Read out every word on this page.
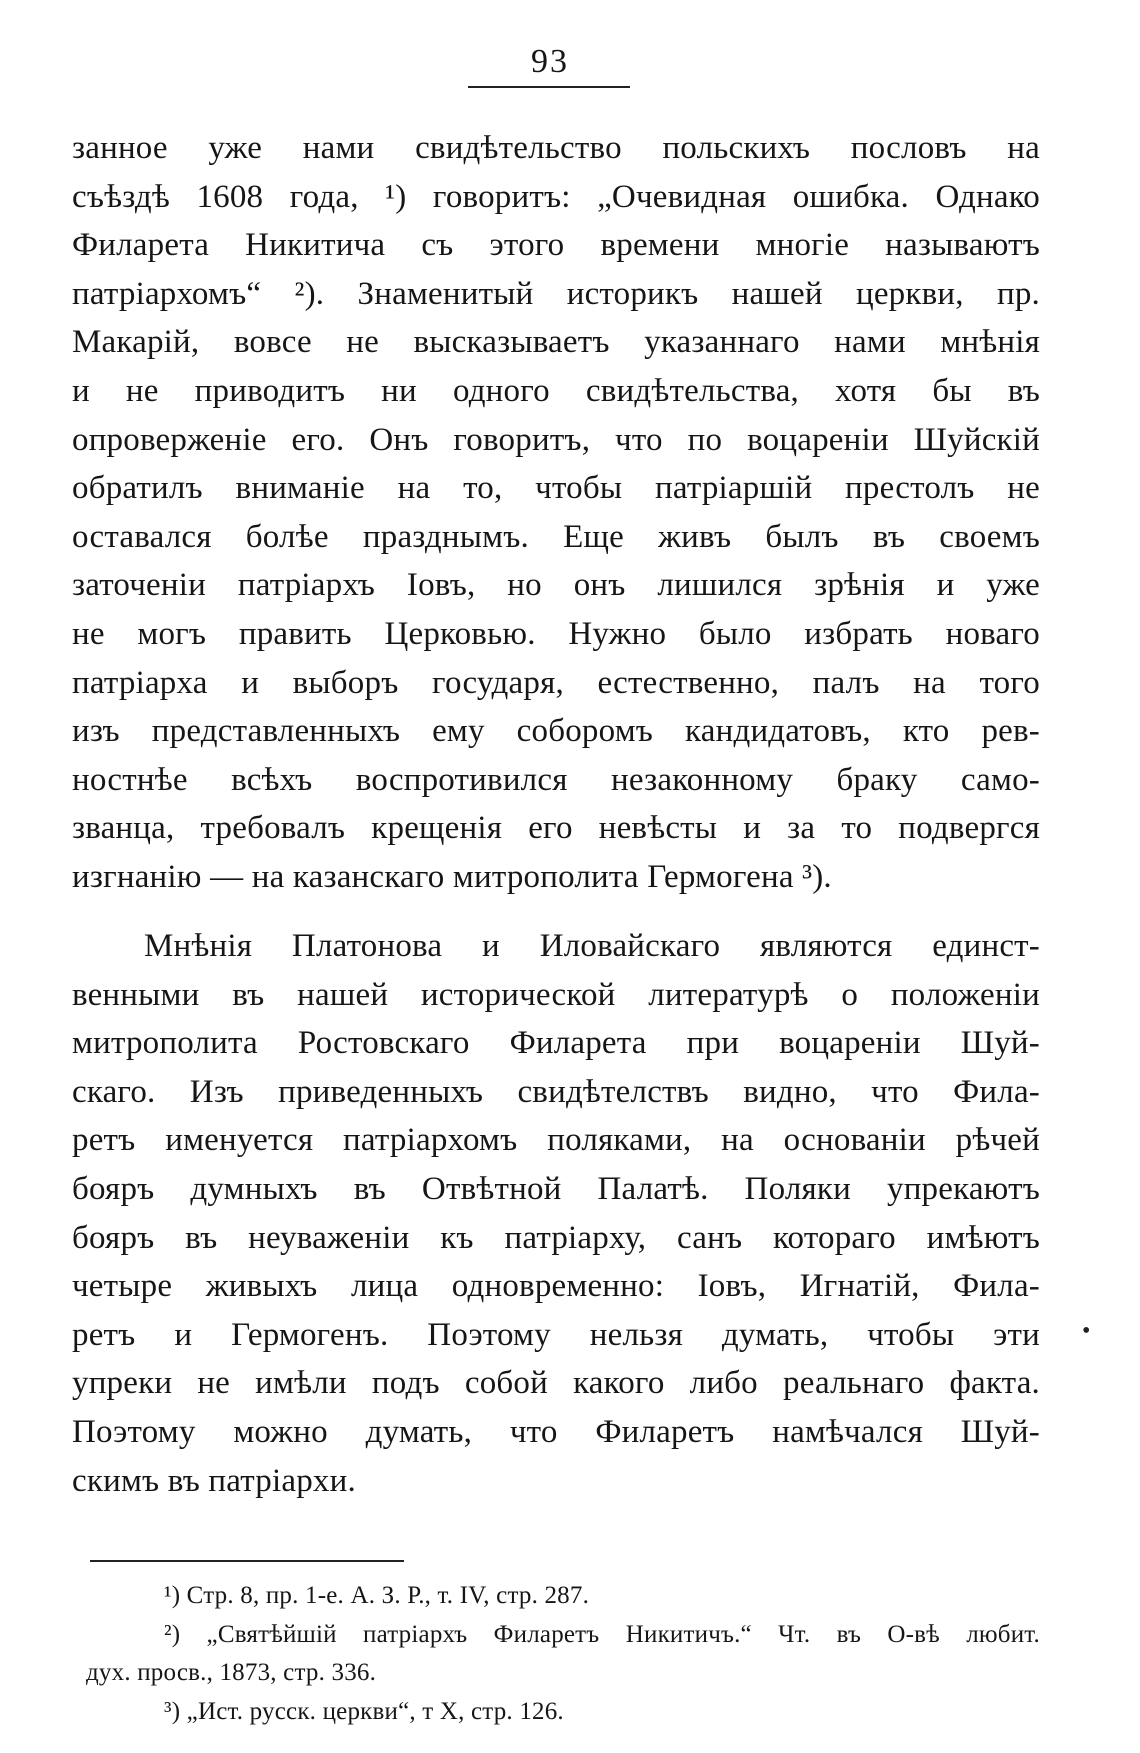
93
занное уже нами свидѣтельство польскихъ пословъ на
съѣздѣ 1608 года, ¹) говоритъ: „Очевидная ошибка. Однако
Филарета Никитича съ этого времени многіе называютъ
патріархомъ“ ²). Знаменитый историкъ нашей церкви, пр.
Макарій, вовсе не высказываетъ указаннаго нами мнѣнія
и не приводитъ ни одного свидѣтельства, хотя бы въ
опроверженіе его. Онъ говоритъ, что по воцареніи Шуйскій
обратилъ вниманіе на то, чтобы патріаршій престолъ не
оставался болѣе празднымъ. Еще живъ былъ въ своемъ
заточеніи патріархъ Іовъ, но онъ лишился зрѣнія и уже
не могъ править Церковью. Нужно было избрать новаго
патріарха и выборъ государя, естественно, палъ на того
изъ представленныхъ ему соборомъ кандидатовъ, кто рев-
ностнѣе всѣхъ воспротивился незаконному браку само-
званца, требовалъ крещенія его невѣсты и за то подвергся
изгнанію — на казанскаго митрополита Гермогена ³).
Мнѣнія Платонова и Иловайскаго являются единст-
венными въ нашей исторической литературѣ о положеніи
митрополита Ростовскаго Филарета при воцареніи Шуй-
скаго. Изъ приведенныхъ свидѣтелствъ видно, что Фила-
ретъ именуется патріархомъ поляками, на основаніи рѣчей
бояръ думныхъ въ Отвѣтной Палатѣ. Поляки упрекаютъ
бояръ въ неуваженіи къ патріарху, санъ котораго имѣютъ
четыре живыхъ лица одновременно: Іовъ, Игнатій, Фила-
ретъ и Гермогенъ. Поэтому нельзя думать, чтобы эти
упреки не имѣли подъ собой какого либо реальнаго факта.
Поэтому можно думать, что Филаретъ намѣчался Шуй-
скимъ въ патріархи.
•
¹) Стр. 8, пр. 1-е. А. З. Р., т. IV, стр. 287.
²) „Святѣйшій патріархъ Филаретъ Никитичъ.“ Чт. въ О-вѣ любит.
дух. просв., 1873, стр. 336.
³) „Ист. русск. церкви“, т Х, стр. 126.
